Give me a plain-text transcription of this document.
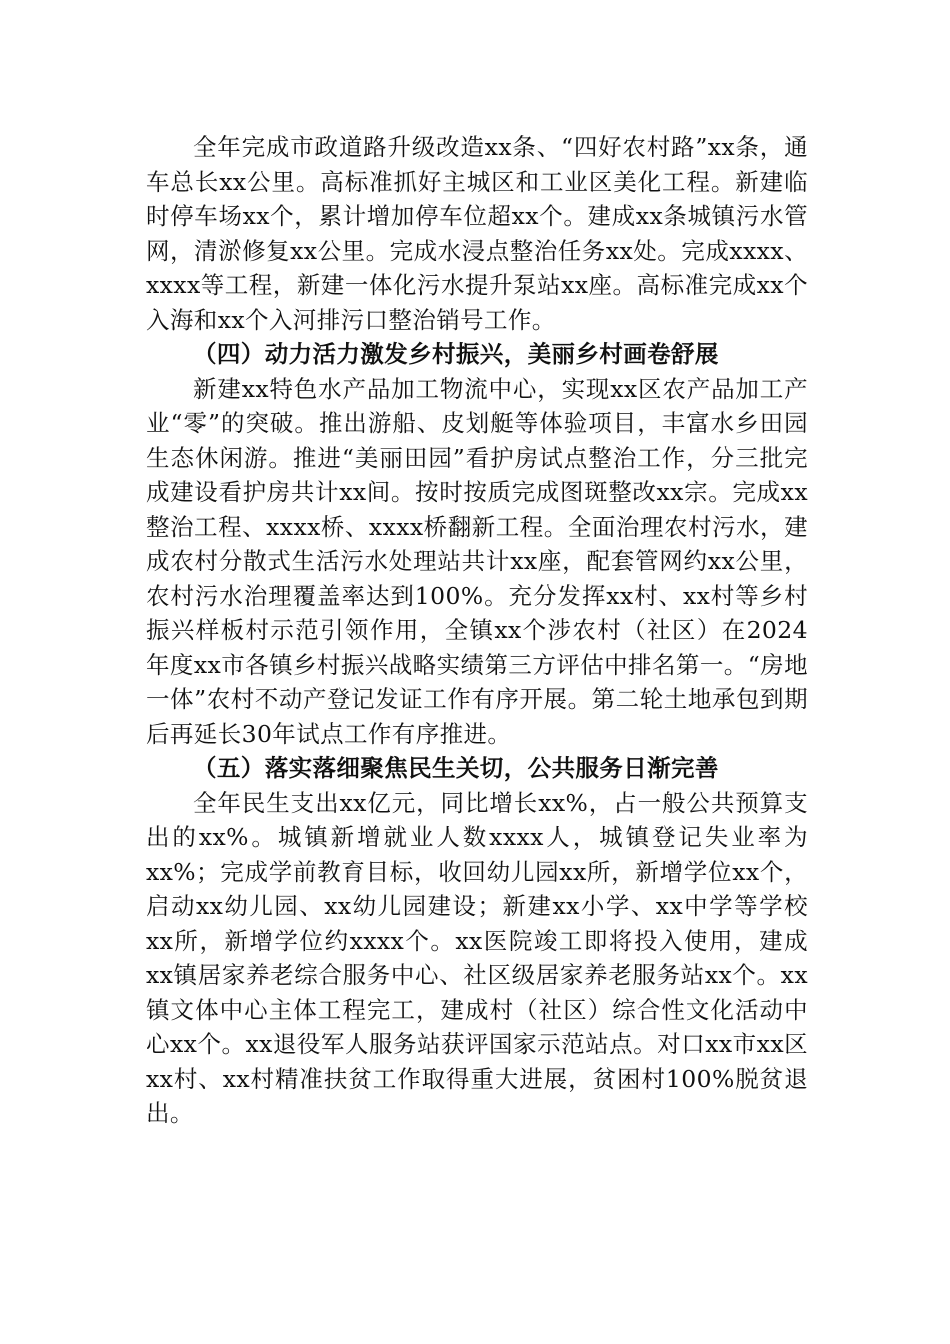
全年完成市政道路升级改造xx条、“四好农村路”xx条，通车总长xx公里。高标准抓好主城区和工业区美化工程。新建临时停车场xx个，累计增加停车位超xx个。建成xx条城镇污水管网，清淤修复xx公里。完成水浸点整治任务xx处。完成xxxx、xxxx等工程，新建一体化污水提升泵站xx座。高标准完成xx个入海和xx个入河排污口整治销号工作。

（四）动力活力激发乡村振兴，美丽乡村画卷舒展

新建xx特色水产品加工物流中心，实现xx区农产品加工产业“零”的突破。推出游船、皮划艇等体验项目，丰富水乡田园生态休闲游。推进“美丽田园”看护房试点整治工作，分三批完成建设看护房共计xx间。按时按质完成图斑整改xx宗。完成xx整治工程、xxxx桥、xxxx桥翻新工程。全面治理农村污水，建成农村分散式生活污水处理站共计xx座，配套管网约xx公里，农村污水治理覆盖率达到100%。充分发挥xx村、xx村等乡村振兴样板村示范引领作用，全镇xx个涉农村（社区）在2024年度xx市各镇乡村振兴战略实绩第三方评估中排名第一。“房地一体”农村不动产登记发证工作有序开展。第二轮土地承包到期后再延长30年试点工作有序推进。

（五）落实落细聚焦民生关切，公共服务日渐完善

全年民生支出xx亿元，同比增长xx%，占一般公共预算支出的xx%。城镇新增就业人数xxxx人，城镇登记失业率为xx%；完成学前教育目标，收回幼儿园xx所，新增学位xx个，启动xx幼儿园、xx幼儿园建设；新建xx小学、xx中学等学校xx所，新增学位约xxxx个。xx医院竣工即将投入使用，建成xx镇居家养老综合服务中心、社区级居家养老服务站xx个。xx镇文体中心主体工程完工，建成村（社区）综合性文化活动中心xx个。xx退役军人服务站获评国家示范站点。对口xx市xx区xx村、xx村精准扶贫工作取得重大进展，贫困村100%脱贫退出。
